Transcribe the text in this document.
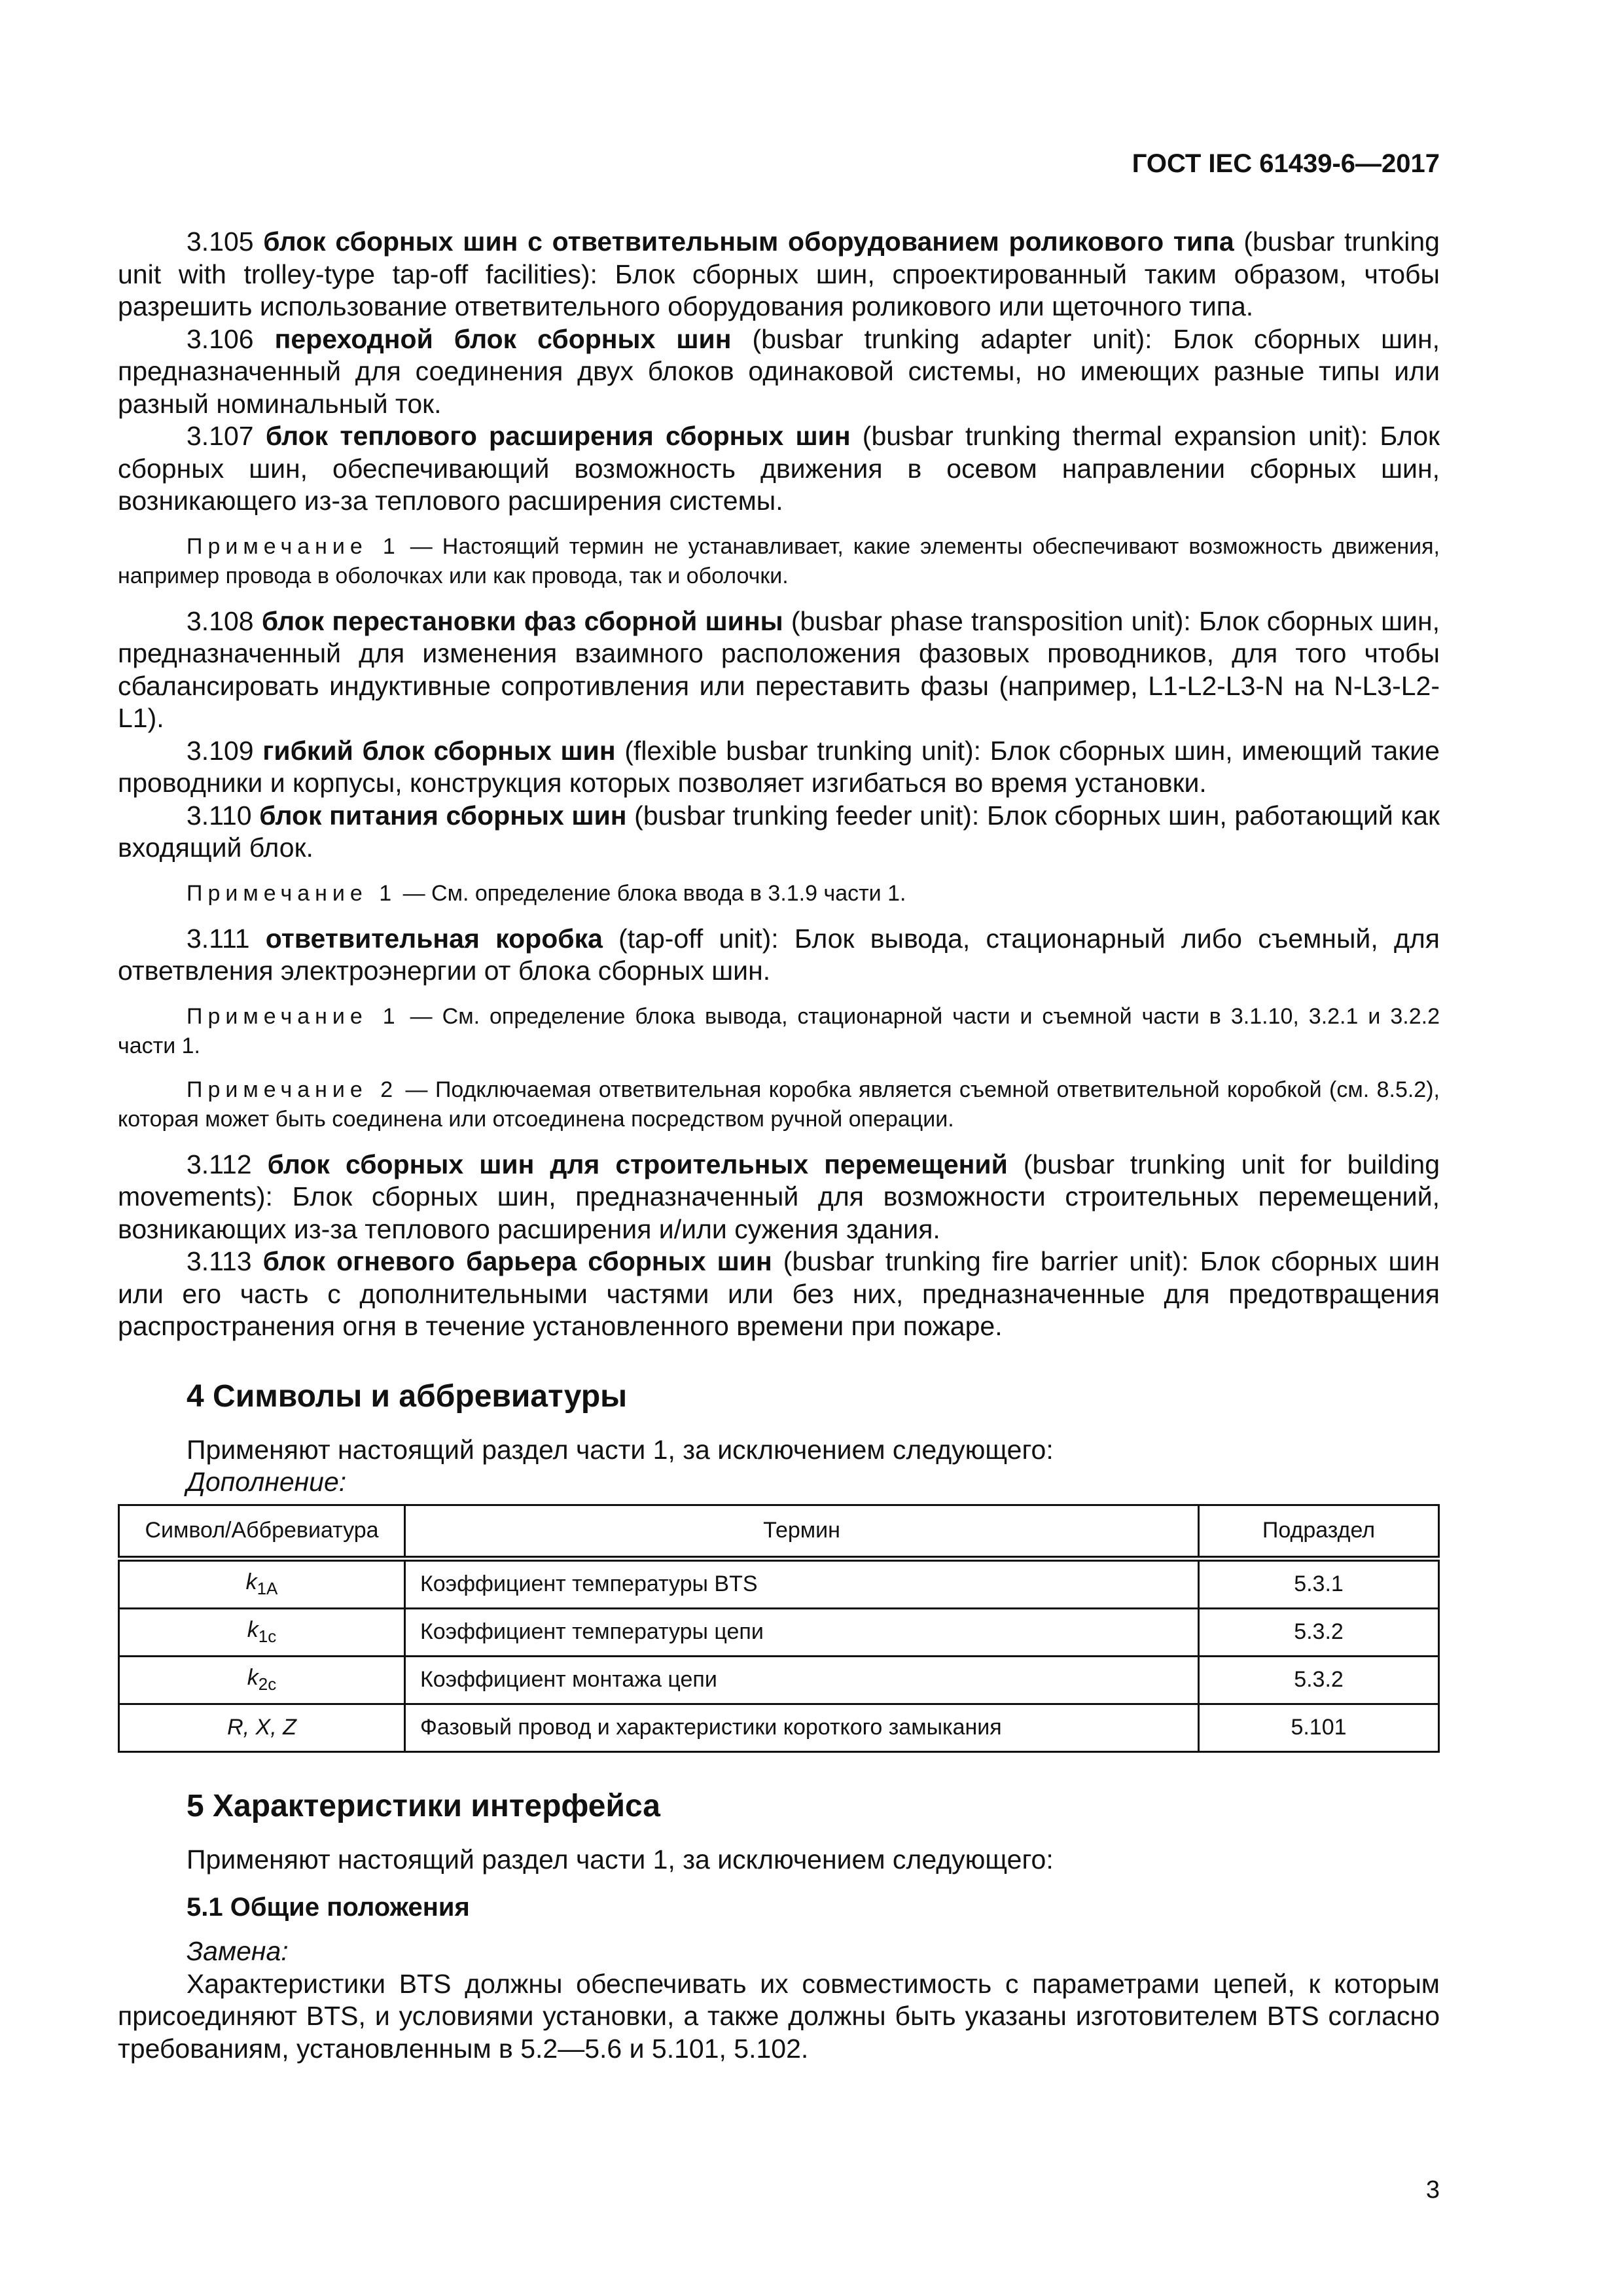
ГОСТ IEC 61439-6—2017

3.105 блок сборных шин с ответвительным оборудованием роликового типа (busbar trunking unit with trolley-type tap-off facilities): Блок сборных шин, спроектированный таким образом, чтобы разрешить использование ответвительного оборудования роликового или щеточного типа.

3.106 переходной блок сборных шин (busbar trunking adapter unit): Блок сборных шин, предназначенный для соединения двух блоков одинаковой системы, но имеющих разные типы или разный номинальный ток.

3.107 блок теплового расширения сборных шин (busbar trunking thermal expansion unit): Блок сборных шин, обеспечивающий возможность движения в осевом направлении сборных шин, возникающего из-за теплового расширения системы.

Примечание 1 — Настоящий термин не устанавливает, какие элементы обеспечивают возможность движения, например провода в оболочках или как провода, так и оболочки.

3.108 блок перестановки фаз сборной шины (busbar phase transposition unit): Блок сборных шин, предназначенный для изменения взаимного расположения фазовых проводников, для того чтобы сбалансировать индуктивные сопротивления или переставить фазы (например, L1-L2-L3-N на N-L3-L2-L1).

3.109 гибкий блок сборных шин (flexible busbar trunking unit): Блок сборных шин, имеющий такие проводники и корпусы, конструкция которых позволяет изгибаться во время установки.

3.110 блок питания сборных шин (busbar trunking feeder unit): Блок сборных шин, работающий как входящий блок.

Примечание 1 — См. определение блока ввода в 3.1.9 части 1.

3.111 ответвительная коробка (tap-off unit): Блок вывода, стационарный либо съемный, для ответвления электроэнергии от блока сборных шин.

Примечание 1 — См. определение блока вывода, стационарной части и съемной части в 3.1.10, 3.2.1 и 3.2.2 части 1.

Примечание 2 — Подключаемая ответвительная коробка является съемной ответвительной коробкой (см. 8.5.2), которая может быть соединена или отсоединена посредством ручной операции.

3.112 блок сборных шин для строительных перемещений (busbar trunking unit for building movements): Блок сборных шин, предназначенный для возможности строительных перемещений, возникающих из-за теплового расширения и/или сужения здания.

3.113 блок огневого барьера сборных шин (busbar trunking fire barrier unit): Блок сборных шин или его часть с дополнительными частями или без них, предназначенные для предотвращения распространения огня в течение установленного времени при пожаре.

4 Символы и аббревиатуры

Применяют настоящий раздел части 1, за исключением следующего:

Дополнение:

Символ/Аббревиатура	Термин	Подраздел
$k_{1A}$	Коэффициент температуры BTS	5.3.1
$k_{1c}$	Коэффициент температуры цепи	5.3.2
$k_{2c}$	Коэффициент монтажа цепи	5.3.2
R, X, Z	Фазовый провод и характеристики короткого замыкания	5.101
5 Характеристики интерфейса

Применяют настоящий раздел части 1, за исключением следующего:

5.1 Общие положения

Замена:

Характеристики BTS должны обеспечивать их совместимость с параметрами цепей, к которым присоединяют BTS, и условиями установки, а также должны быть указаны изготовителем BTS согласно требованиям, установленным в 5.2—5.6 и 5.101, 5.102.

3
